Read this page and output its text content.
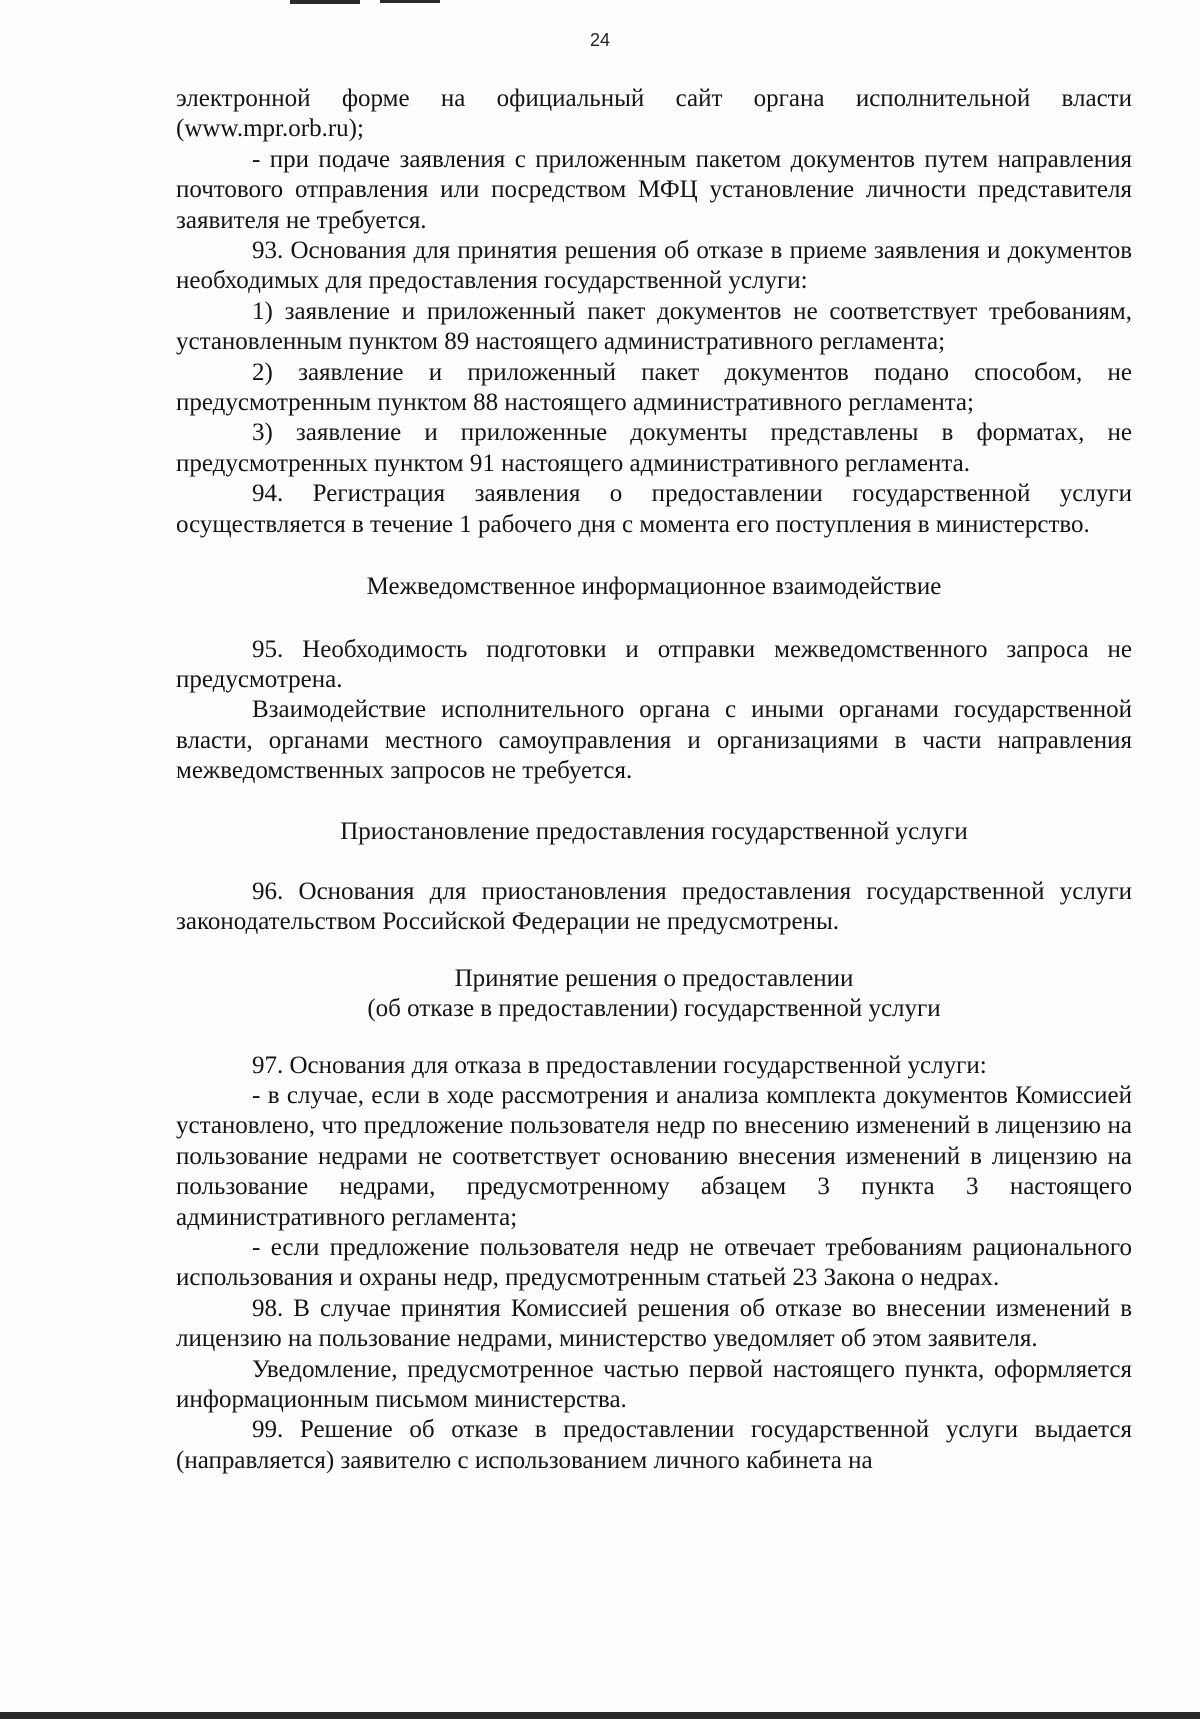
24

электронной форме на официальный сайт органа исполнительной власти (www.mpr.orb.ru);

- при подаче заявления с приложенным пакетом документов путем направления почтового отправления или посредством МФЦ установление личности представителя заявителя не требуется.

93. Основания для принятия решения об отказе в приеме заявления и документов необходимых для предоставления государственной услуги:

1) заявление и приложенный пакет документов не соответствует требованиям, установленным пунктом 89 настоящего административного регламента;

2) заявление и приложенный пакет документов подано способом, не предусмотренным пунктом 88 настоящего административного регламента;

3) заявление и приложенные документы представлены в форматах, не предусмотренных пунктом 91 настоящего административного регламента.

94. Регистрация заявления о предоставлении государственной услуги осуществляется в течение 1 рабочего дня с момента его поступления в министерство.

Межведомственное информационное взаимодействие

95. Необходимость подготовки и отправки межведомственного запроса не предусмотрена.

Взаимодействие исполнительного органа с иными органами государственной власти, органами местного самоуправления и организациями в части направления межведомственных запросов не требуется.

Приостановление предоставления государственной услуги

96. Основания для приостановления предоставления государственной услуги законодательством Российской Федерации не предусмотрены.

Принятие решения о предоставлении
(об отказе в предоставлении) государственной услуги

97. Основания для отказа в предоставлении государственной услуги:

- в случае, если в ходе рассмотрения и анализа комплекта документов Комиссией установлено, что предложение пользователя недр по внесению изменений в лицензию на пользование недрами не соответствует основанию внесения изменений в лицензию на пользование недрами, предусмотренному абзацем 3 пункта 3 настоящего административного регламента;

- если предложение пользователя недр не отвечает требованиям рационального использования и охраны недр, предусмотренным статьей 23 Закона о недрах.

98. В случае принятия Комиссией решения об отказе во внесении изменений в лицензию на пользование недрами, министерство уведомляет об этом заявителя.

Уведомление, предусмотренное частью первой настоящего пункта, оформляется информационным письмом министерства.

99. Решение об отказе в предоставлении государственной услуги выдается (направляется) заявителю с использованием личного кабинета на
